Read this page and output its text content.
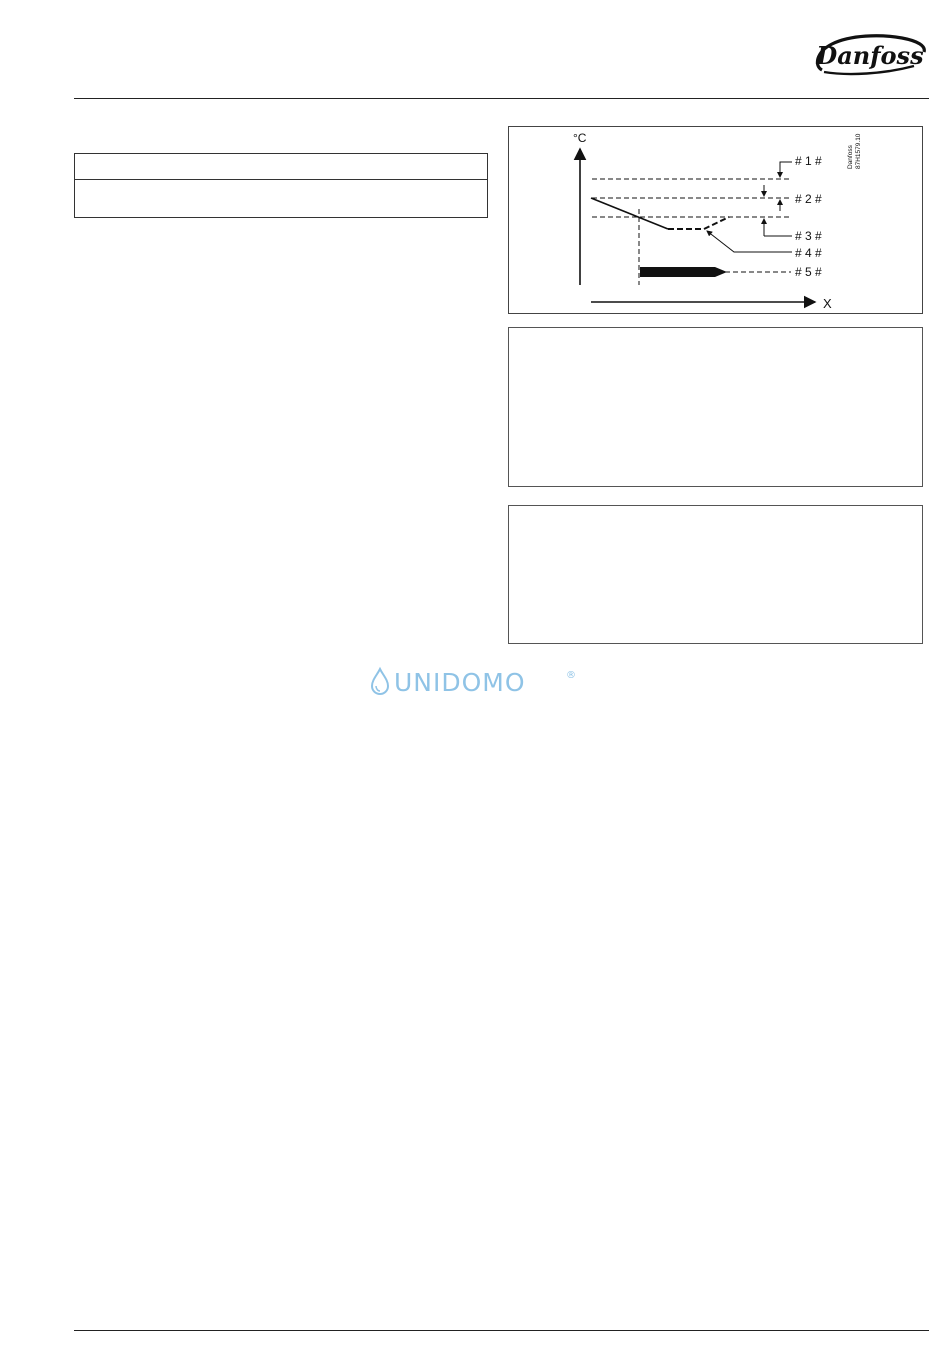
Danfoss
°C
X
# 1 #
# 2 #
# 3 #
# 4 #
# 5 #
Danfoss 87H1579.10
UNIDOMO	®
